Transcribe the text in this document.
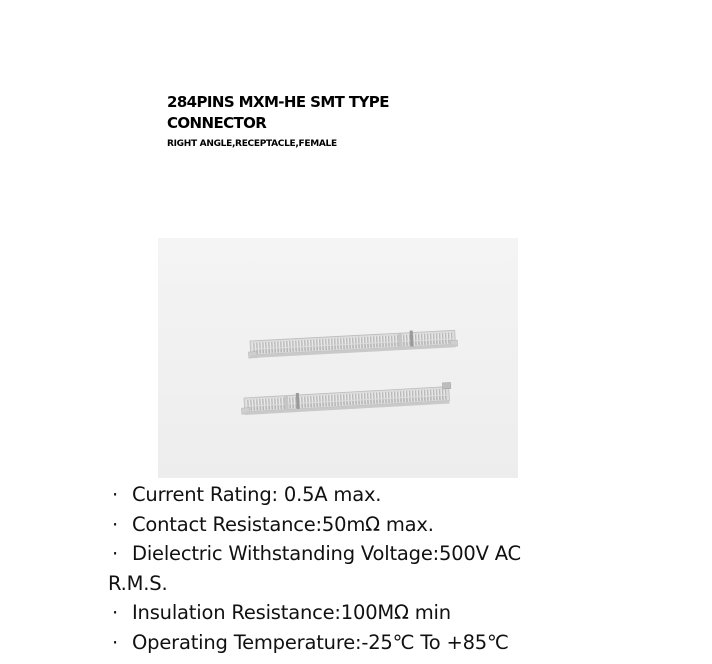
284PINS MXM-HE SMT TYPE
CONNECTOR
RIGHT ANGLE,RECEPTACLE,FEMALE
· Current Rating: 0.5A max.
· Contact Resistance:50mΩ max.
· Dielectric Withstanding Voltage:500V AC
R.M.S.
· Insulation Resistance:100MΩ min
· Operating Temperature:-25℃ To +85℃
